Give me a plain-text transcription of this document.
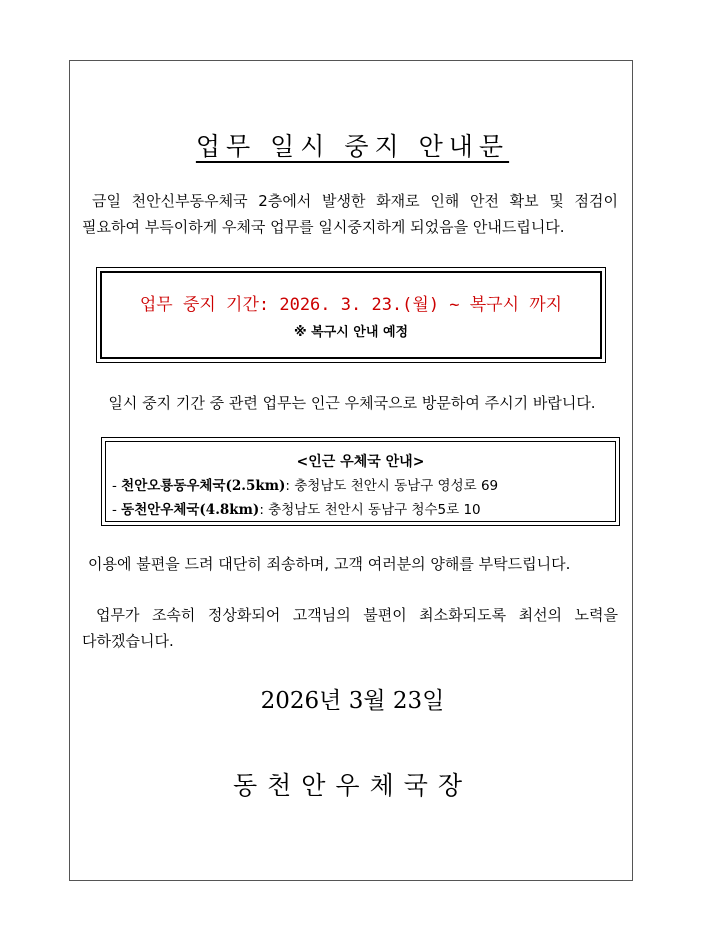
업무 일시 중지 안내문
금일 천안신부동우체국 2층에서 발생한 화재로 인해 안전 확보 및 점검이 필요하여 부득이하게 우체국 업무를 일시중지하게 되었음을 안내드립니다.
업무 중지 기간: 2026. 3. 23.(월) ~ 복구시 까지
※ 복구시 안내 예정
일시 중지 기간 중 관련 업무는 인근 우체국으로 방문하여 주시기 바랍니다.
<인근 우체국 안내>
- 천안오룡동우체국(2.5km): 충청남도 천안시 동남구 영성로 69
- 동천안우체국(4.8km): 충청남도 천안시 동남구 청수5로 10
이용에 불편을 드려 대단히 죄송하며, 고객 여러분의 양해를 부탁드립니다.
업무가 조속히 정상화되어 고객님의 불편이 최소화되도록 최선의 노력을 다하겠습니다.
2026년 3월 23일
동천안우체국장
